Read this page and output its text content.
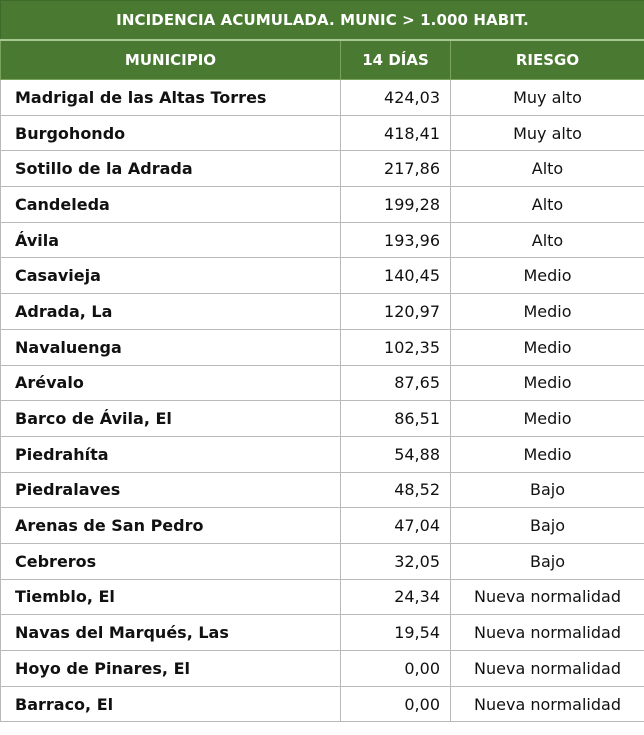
INCIDENCIA ACUMULADA. MUNIC > 1.000 HABIT.		
MUNICIPIO	14 DÍAS	RIESGO
Madrigal de las Altas Torres	424,03	Muy alto
Burgohondo	418,41	Muy alto
Sotillo de la Adrada	217,86	Alto
Candeleda	199,28	Alto
Ávila	193,96	Alto
Casavieja	140,45	Medio
Adrada, La	120,97	Medio
Navaluenga	102,35	Medio
Arévalo	87,65	Medio
Barco de Ávila, El	86,51	Medio
Piedrahíta	54,88	Medio
Piedralaves	48,52	Bajo
Arenas de San Pedro	47,04	Bajo
Cebreros	32,05	Bajo
Tiemblo, El	24,34	Nueva normalidad
Navas del Marqués, Las	19,54	Nueva normalidad
Hoyo de Pinares, El	0,00	Nueva normalidad
Barraco, El	0,00	Nueva normalidad
